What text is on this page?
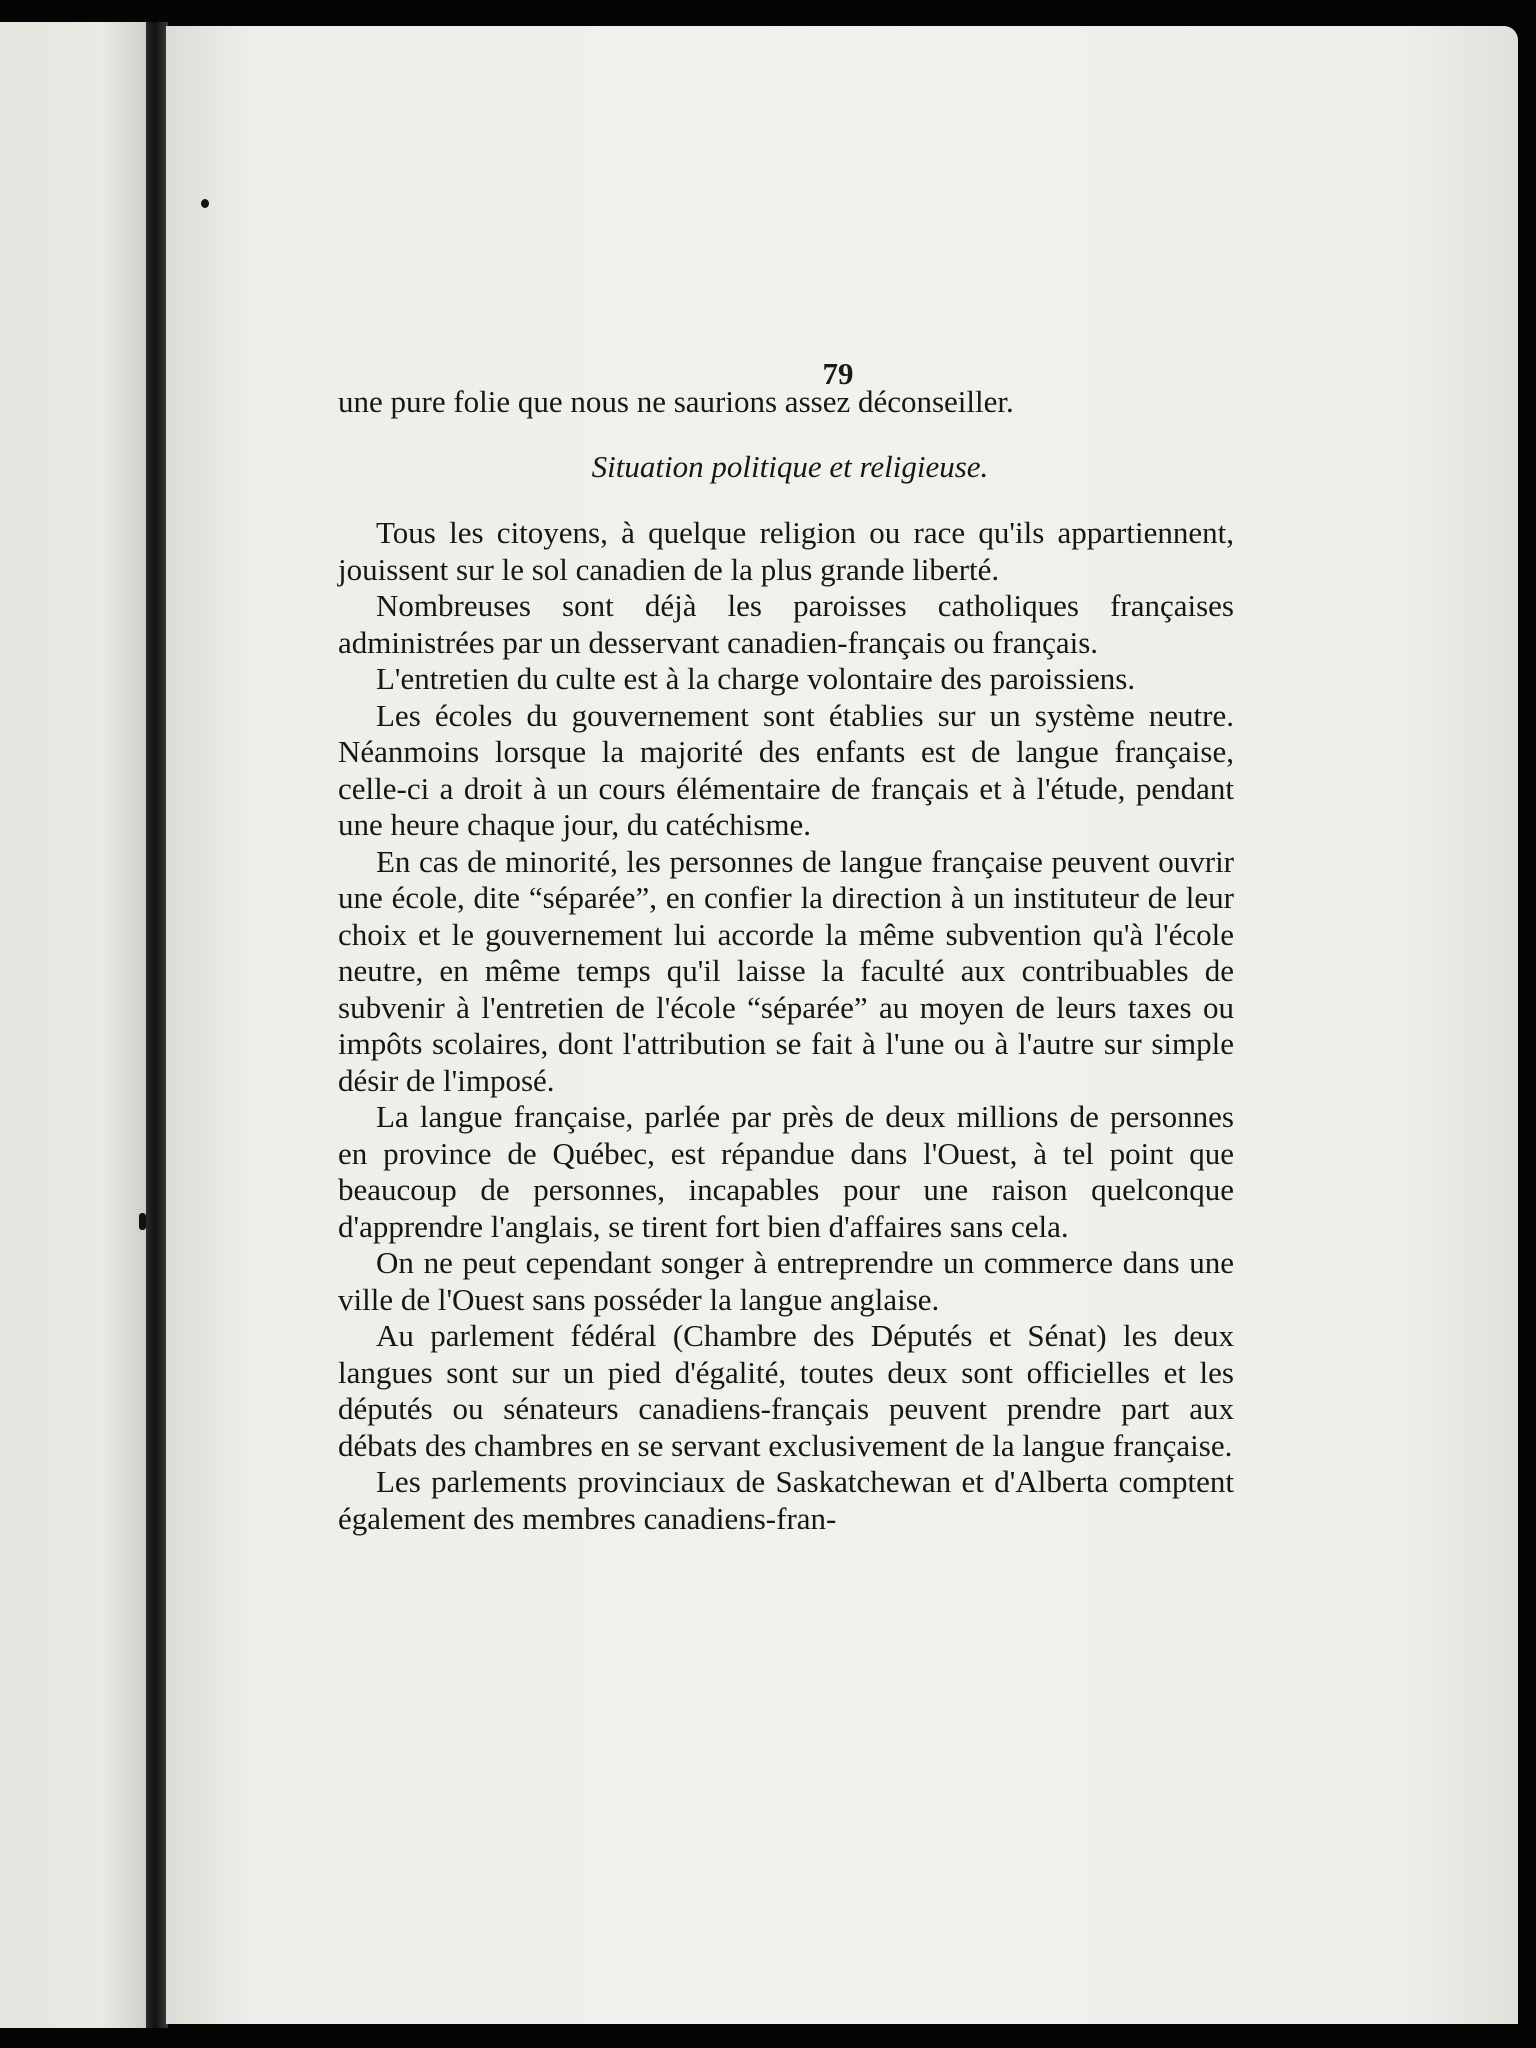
79

une pure folie que nous ne saurions assez déconseiller.

Situation politique et religieuse.

Tous les citoyens, à quelque religion ou race qu'ils appartiennent, jouissent sur le sol canadien de la plus grande liberté.

Nombreuses sont déjà les paroisses catholiques françaises administrées par un desservant canadien-français ou français.

L'entretien du culte est à la charge volontaire des paroissiens.

Les écoles du gouvernement sont établies sur un système neutre. Néanmoins lorsque la majorité des enfants est de langue française, celle-ci a droit à un cours élémentaire de français et à l'étude, pendant une heure chaque jour, du catéchisme.

En cas de minorité, les personnes de langue française peuvent ouvrir une école, dite “séparée”, en confier la direction à un instituteur de leur choix et le gouvernement lui accorde la même subvention qu'à l'école neutre, en même temps qu'il laisse la faculté aux contribuables de subvenir à l'entretien de l'école “séparée” au moyen de leurs taxes ou impôts scolaires, dont l'attribution se fait à l'une ou à l'autre sur simple désir de l'imposé.

La langue française, parlée par près de deux millions de personnes en province de Québec, est répandue dans l'Ouest, à tel point que beaucoup de personnes, incapables pour une raison quelconque d'apprendre l'anglais, se tirent fort bien d'affaires sans cela.

On ne peut cependant songer à entreprendre un commerce dans une ville de l'Ouest sans posséder la langue anglaise.

Au parlement fédéral (Chambre des Députés et Sénat) les deux langues sont sur un pied d'égalité, toutes deux sont officielles et les députés ou sénateurs canadiens-français peuvent prendre part aux débats des chambres en se servant exclusivement de la langue française.

Les parlements provinciaux de Saskatchewan et d'Alberta comptent également des membres canadiens-fran-
